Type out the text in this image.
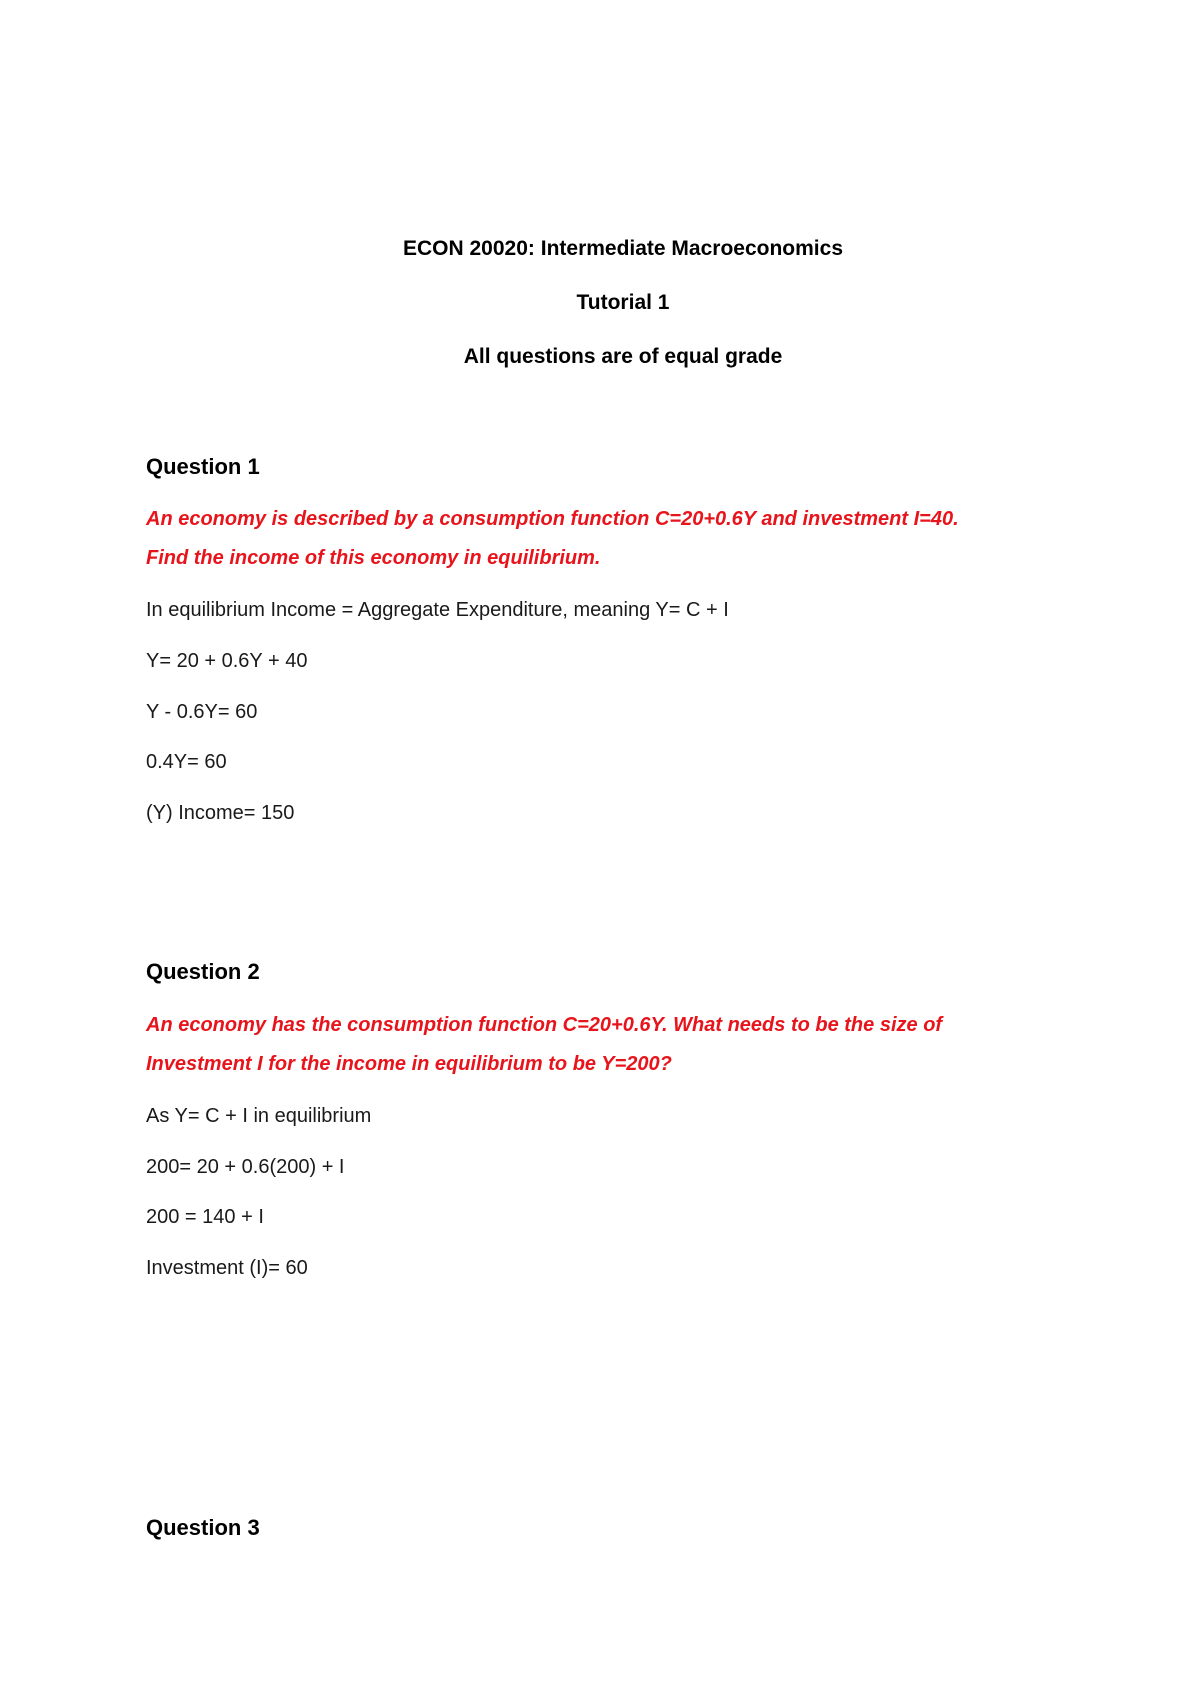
ECON 20020: Intermediate Macroeconomics

Tutorial 1

All questions are of equal grade

Question 1

An economy is described by a consumption function C=20+0.6Y and investment I=40.

Find the income of this economy in equilibrium.

In equilibrium Income = Aggregate Expenditure, meaning Y= C + I

Y= 20 + 0.6Y + 40

Y - 0.6Y= 60

0.4Y= 60

(Y) Income= 150

Question 2

An economy has the consumption function C=20+0.6Y. What needs to be the size of

Investment I for the income in equilibrium to be Y=200?

As Y= C + I in equilibrium

200= 20 + 0.6(200) + I

200 = 140 + I

Investment (I)= 60

Question 3
